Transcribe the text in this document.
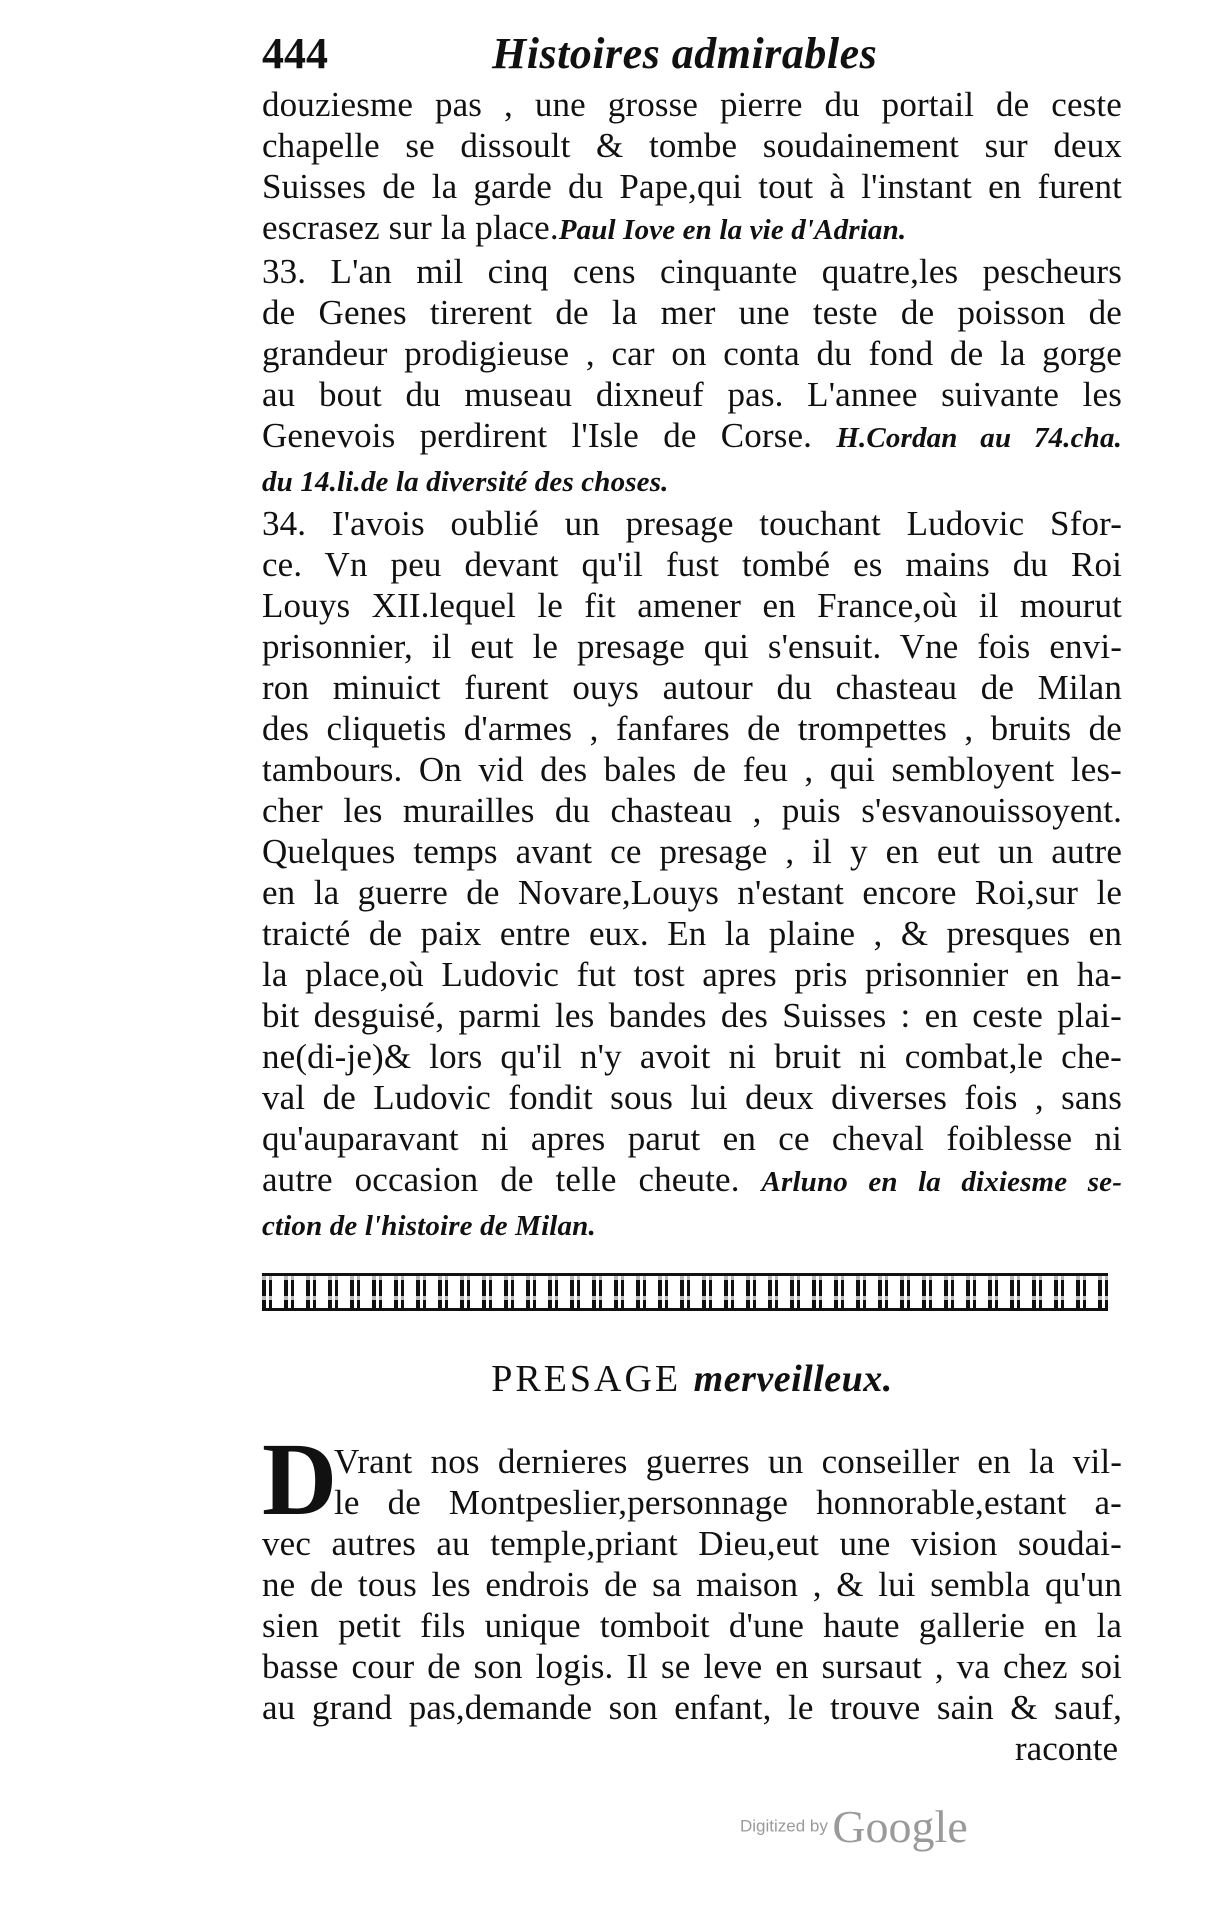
444	Histoires admirables
douziesme pas , une grosse pierre du portail de ceste
chapelle se dissoult & tombe soudainement sur deux
Suisses de la garde du Pape,qui tout à l'instant en furent
escrasez sur la place.Paul Iove en la vie d'Adrian.
33. L'an mil cinq cens cinquante quatre,les pescheurs
de Genes tirerent de la mer une teste de poisson de
grandeur prodigieuse , car on conta du fond de la gorge
au bout du museau dixneuf pas. L'annee suivante les
Genevois perdirent l'Isle de Corse. H.Cordan au 74.cha.
du 14.li.de la diversité des choses.
34. I'avois oublié un presage touchant Ludovic Sfor-
ce. Vn peu devant qu'il fust tombé es mains du Roi
Louys XII.lequel le fit amener en France,où il mourut
prisonnier, il eut le presage qui s'ensuit. Vne fois envi-
ron minuict furent ouys autour du chasteau de Milan
des cliquetis d'armes , fanfares de trompettes , bruits de
tambours. On vid des bales de feu , qui sembloyent les-
cher les murailles du chasteau , puis s'esvanouissoyent.
Quelques temps avant ce presage , il y en eut un autre
en la guerre de Novare,Louys n'estant encore Roi,sur le
traicté de paix entre eux. En la plaine , & presques en
la place,où Ludovic fut tost apres pris prisonnier en ha-
bit desguisé, parmi les bandes des Suisses : en ceste plai-
ne(di-je)& lors qu'il n'y avoit ni bruit ni combat,le che-
val de Ludovic fondit sous lui deux diverses fois , sans
qu'auparavant ni apres parut en ce cheval foiblesse ni
autre occasion de telle cheute. Arluno en la dixiesme se-
ction de l'histoire de Milan.
PRESAGE merveilleux.
D
Vrant nos dernieres guerres un conseiller en la vil-
le de Montpeslier,personnage honnorable,estant a-
vec autres au temple,priant Dieu,eut une vision soudai-
ne de tous les endrois de sa maison , & lui sembla qu'un
sien petit fils unique tomboit d'une haute gallerie en la
basse cour de son logis. Il se leve en sursaut , va chez soi
au grand pas,demande son enfant, le trouve sain & sauf,
raconte
Digitized by Google
